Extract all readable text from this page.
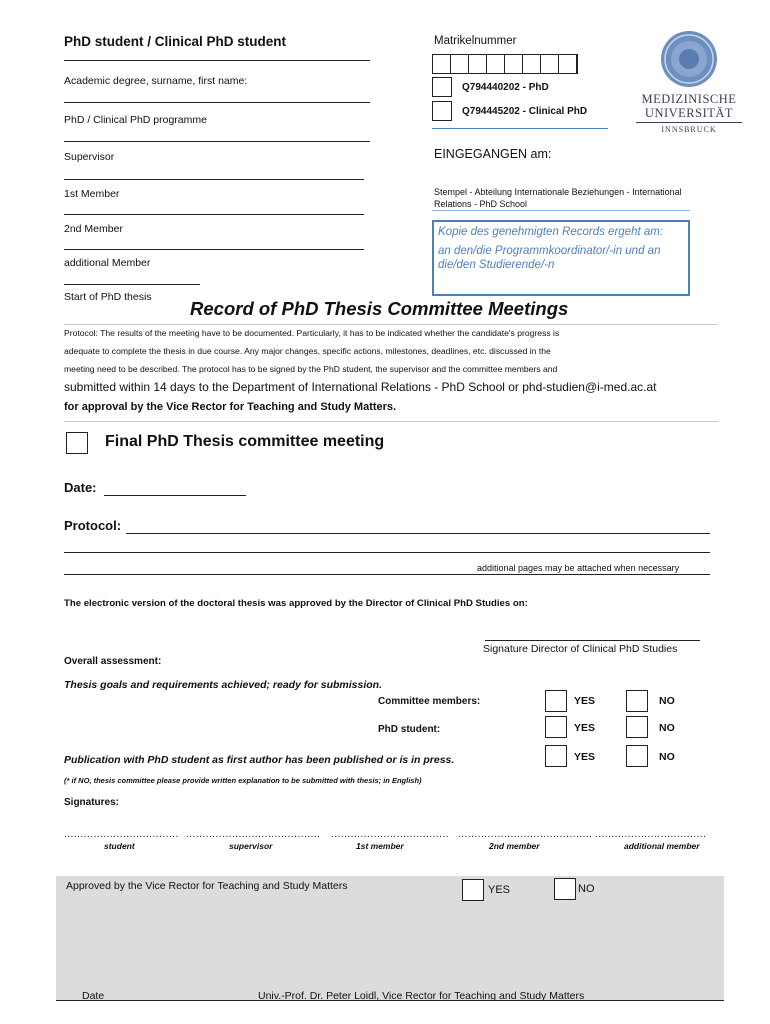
PhD student / Clinical PhD student
Academic degree, surname, first name:
PhD / Clinical PhD programme
Supervisor
1st Member
2nd Member
additional Member
Start of PhD thesis
Matrikelnummer
Q794440202 - PhD
Q794445202 - Clinical PhD
MEDIZINISCHE
UNIVERSITÄT
INNSBRUCK
EINGEGANGEN am:
Stempel - Abteilung Internationale Beziehungen - International Relations - PhD School
Kopie des genehmigten Records ergeht am:
an den/die Programmkoordinator/-in und an die/den Studierende/-n
Record of PhD Thesis Committee Meetings
Protocol: The results of the meeting have to be documented. Particularly, it has to be indicated whether the candidate's progress is
adequate to complete the thesis in due course. Any major changes, specific actions, milestones, deadlines, etc. discussed in the
meeting need to be described. The protocol has to be signed by the PhD student, the supervisor and the committee members and
submitted within 14 days to the Department of International Relations - PhD School or phd-studien@i-med.ac.at
for approval by the Vice Rector for Teaching and Study Matters.
Final PhD Thesis committee meeting
Date:
Protocol:
additional pages may be attached when necessary
The electronic version of the doctoral thesis was approved by the Director of Clinical PhD Studies on:
Signature Director of Clinical PhD Studies
Overall assessment:
Thesis goals and requirements achieved; ready for submission.
Committee members:	YES	NO
PhD student:	YES	NO
Publication with PhD student as first author has been published or is in press.	YES	NO
(* if NO, thesis committee please provide written explanation to be submitted with thesis; in English)
Signatures:
................................... ......................................... .................................... ......................................... ..................................
student	supervisor	1st member	2nd member	additional member
Approved by the Vice Rector for Teaching and Study Matters	YES	NO
Date	Univ.-Prof. Dr. Peter Loidl, Vice Rector for Teaching and Study Matters
